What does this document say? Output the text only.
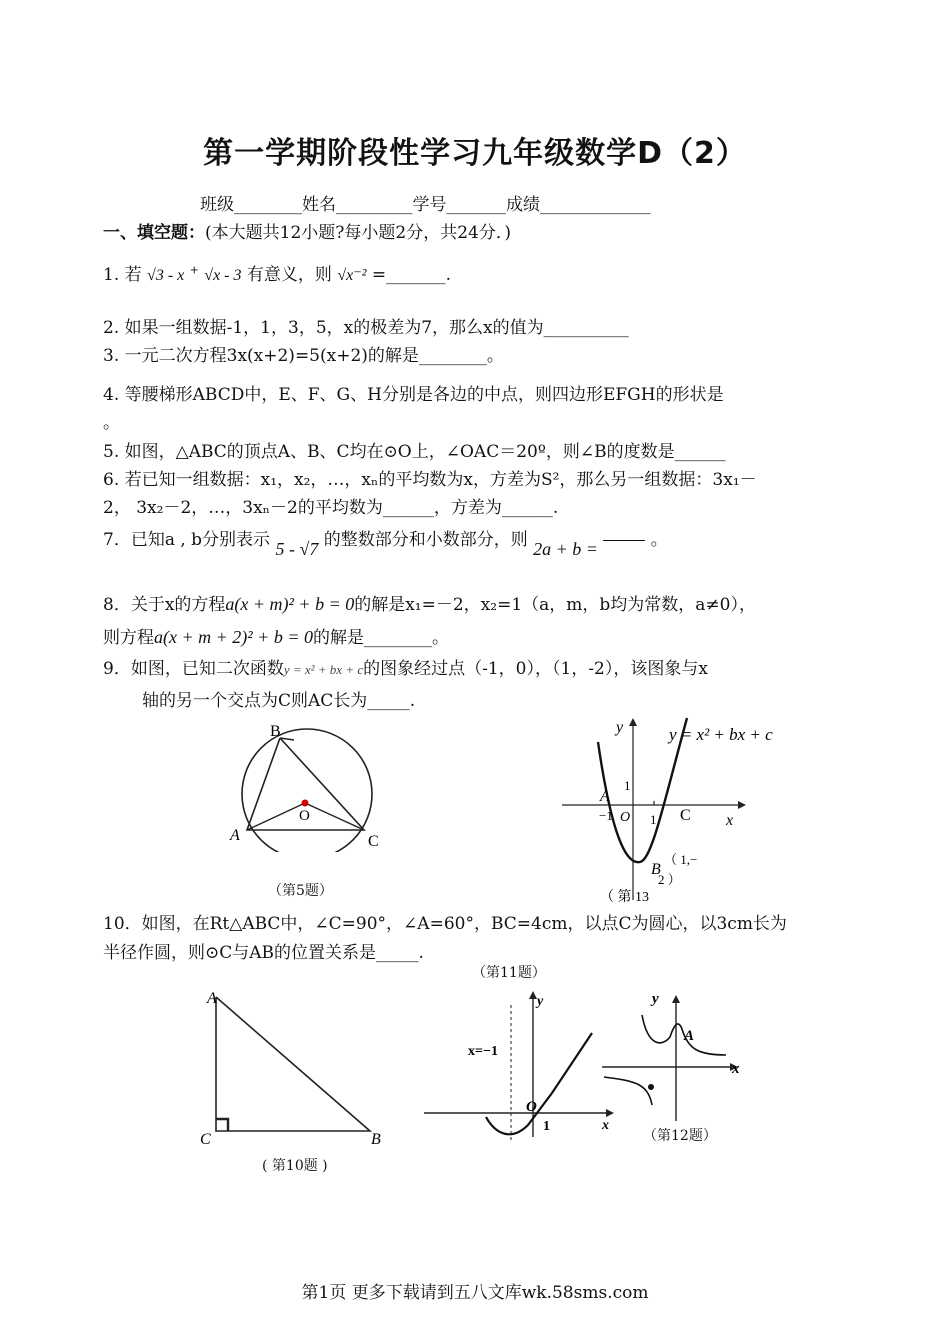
第一学期阶段性学习九年级数学D（2）
班级________姓名_________学号_______成绩_____________
一、填空题：(本大题共12小题?每小题2分，共24分．)
1. 若 √3 - x + √x - 3 有意义，则 √x⁻² =_______.
2. 如果一组数据-1，1，3，5，x的极差为7，那么x的值为__________
3. 一元二次方程3x(x+2)=5(x+2)的解是________。
4. 等腰梯形ABCD中，E、F、G、H分别是各边的中点，则四边形EFGH的形状是
。
5. 如图，△ABC的顶点A、B、C均在⊙O上，∠OAC＝20º，则∠B的度数是______
6. 若已知一组数据：x₁，x₂，…，xₙ的平均数为x，方差为S²，那么另一组数据：3x₁－
2， 3x₂－2，…，3xₙ－2的平均数为______，方差为______.
7．已知a , b分别表示 5 - √7 的整数部分和小数部分，则 2a + b =	。
8．关于x的方程a(x + m)² + b = 0的解是x₁=－2，x₂=1（a，m，b均为常数，a≠0），
则方程a(x + m + 2)² + b = 0的解是________。
9．如图，已知二次函数y = x² + bx + c的图象经过点（-1，0），（1，-2），该图象与x
轴的另一个交点为C则AC长为_____.
B
O
A	C
（第5题）
y = x² + bx + c
y
x
A
O	C
B
1
−1	1
（ 1,−
2 ）
（ 第 13
10．如图，在Rt△ABC中，∠C=90°，∠A=60°，BC=4cm，以点C为圆心，以3cm长为
半径作圆，则⊙C与AB的位置关系是_____.
（第11题）
A
C	B
( 第10题 )
y
x
O
1
x=−1
y
x
A
（第12题）
第1页 更多下载请到五八文库wk.58sms.com
